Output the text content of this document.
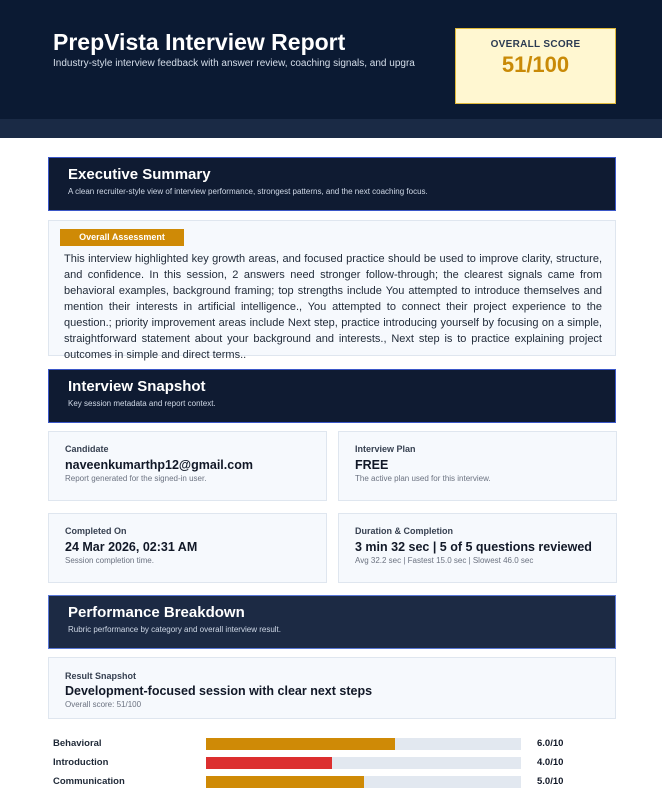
PrepVista Interview Report
Industry-style interview feedback with answer review, coaching signals, and upgra
OVERALL SCORE
51/100
Executive Summary
A clean recruiter-style view of interview performance, strongest patterns, and the next coaching focus.
Overall Assessment
This interview highlighted key growth areas, and focused practice should be used to improve clarity, structure, and confidence. In this session, 2 answers need stronger follow-through; the clearest signals came from behavioral examples, background framing; top strengths include You attempted to introduce themselves and mention their interests in artificial intelligence., You attempted to connect their project experience to the question.; priority improvement areas include Next step, practice introducing yourself by focusing on a simple, straightforward statement about your background and interests., Next step is to practice explaining project outcomes in simple and direct terms..
Interview Snapshot
Key session metadata and report context.
Candidate
naveenkumarthp12@gmail.com
Report generated for the signed-in user.
Interview Plan
FREE
The active plan used for this interview.
Completed On
24 Mar 2026, 02:31 AM
Session completion time.
Duration & Completion
3 min 32 sec | 5 of 5 questions reviewed
Avg 32.2 sec | Fastest 15.0 sec | Slowest 46.0 sec
Performance Breakdown
Rubric performance by category and overall interview result.
Result Snapshot
Development-focused session with clear next steps
Overall score: 51/100
Behavioral	6.0/10
Introduction	4.0/10
Communication	5.0/10
